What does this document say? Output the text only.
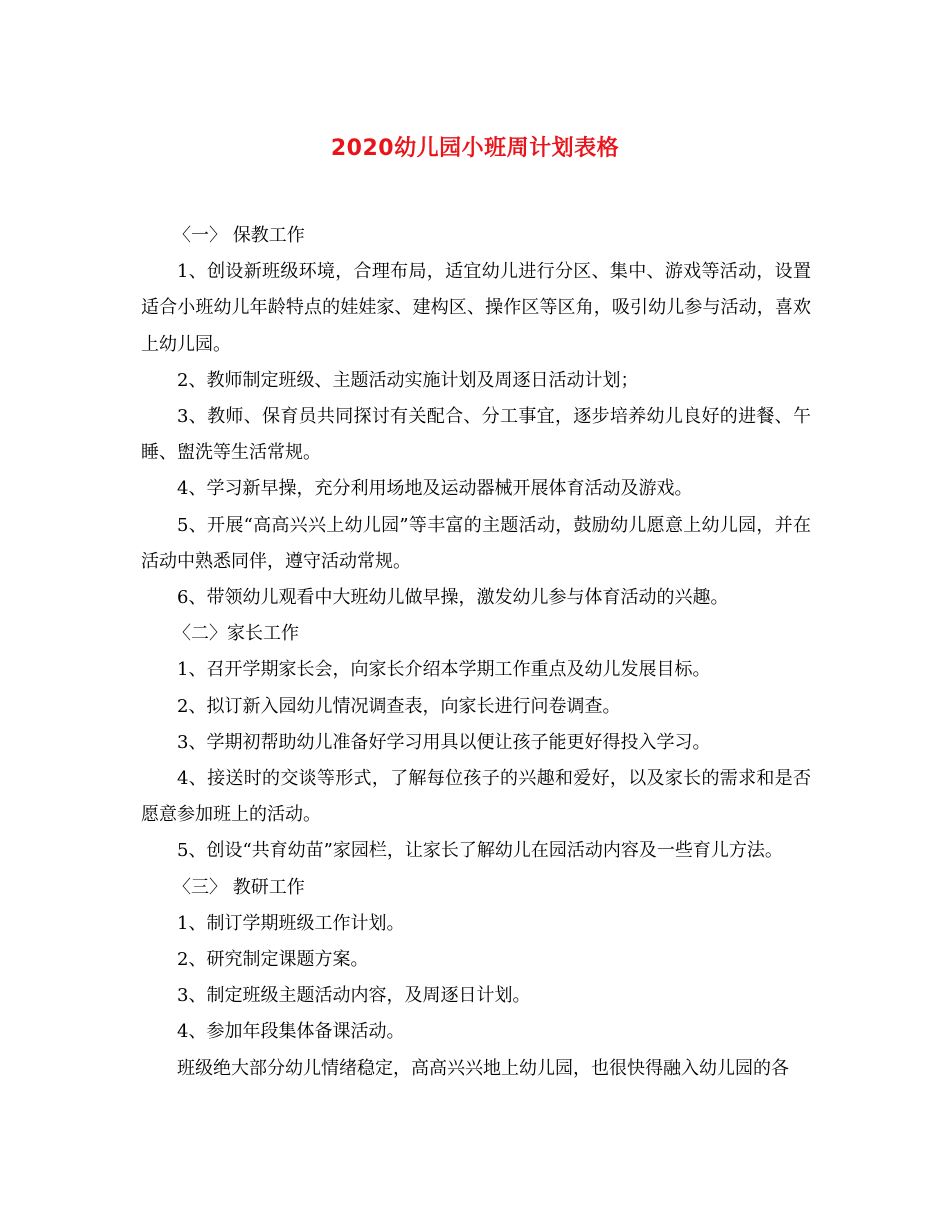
2020幼儿园小班周计划表格

〈一〉 保教工作

1、创设新班级环境，合理布局，适宜幼儿进行分区、集中、游戏等活动，设置适合小班幼儿年龄特点的娃娃家、建构区、操作区等区角，吸引幼儿参与活动，喜欢上幼儿园。

2、教师制定班级、主题活动实施计划及周逐日活动计划；

3、教师、保育员共同探讨有关配合、分工事宜，逐步培养幼儿良好的进餐、午睡、盥洗等生活常规。

4、学习新早操，充分利用场地及运动器械开展体育活动及游戏。

5、开展“高高兴兴上幼儿园”等丰富的主题活动，鼓励幼儿愿意上幼儿园，并在活动中熟悉同伴，遵守活动常规。

6、带领幼儿观看中大班幼儿做早操，激发幼儿参与体育活动的兴趣。

〈二〉家长工作

1、召开学期家长会，向家长介绍本学期工作重点及幼儿发展目标。

2、拟订新入园幼儿情况调查表，向家长进行问卷调查。

3、学期初帮助幼儿准备好学习用具以便让孩子能更好得投入学习。

4、接送时的交谈等形式，了解每位孩子的兴趣和爱好，以及家长的需求和是否愿意参加班上的活动。

5、创设“共育幼苗”家园栏，让家长了解幼儿在园活动内容及一些育儿方法。

〈三〉 教研工作

1、制订学期班级工作计划。

2、研究制定课题方案。

3、制定班级主题活动内容，及周逐日计划。

4、参加年段集体备课活动。

班级绝大部分幼儿情绪稳定，高高兴兴地上幼儿园，也很快得融入幼儿园的各
